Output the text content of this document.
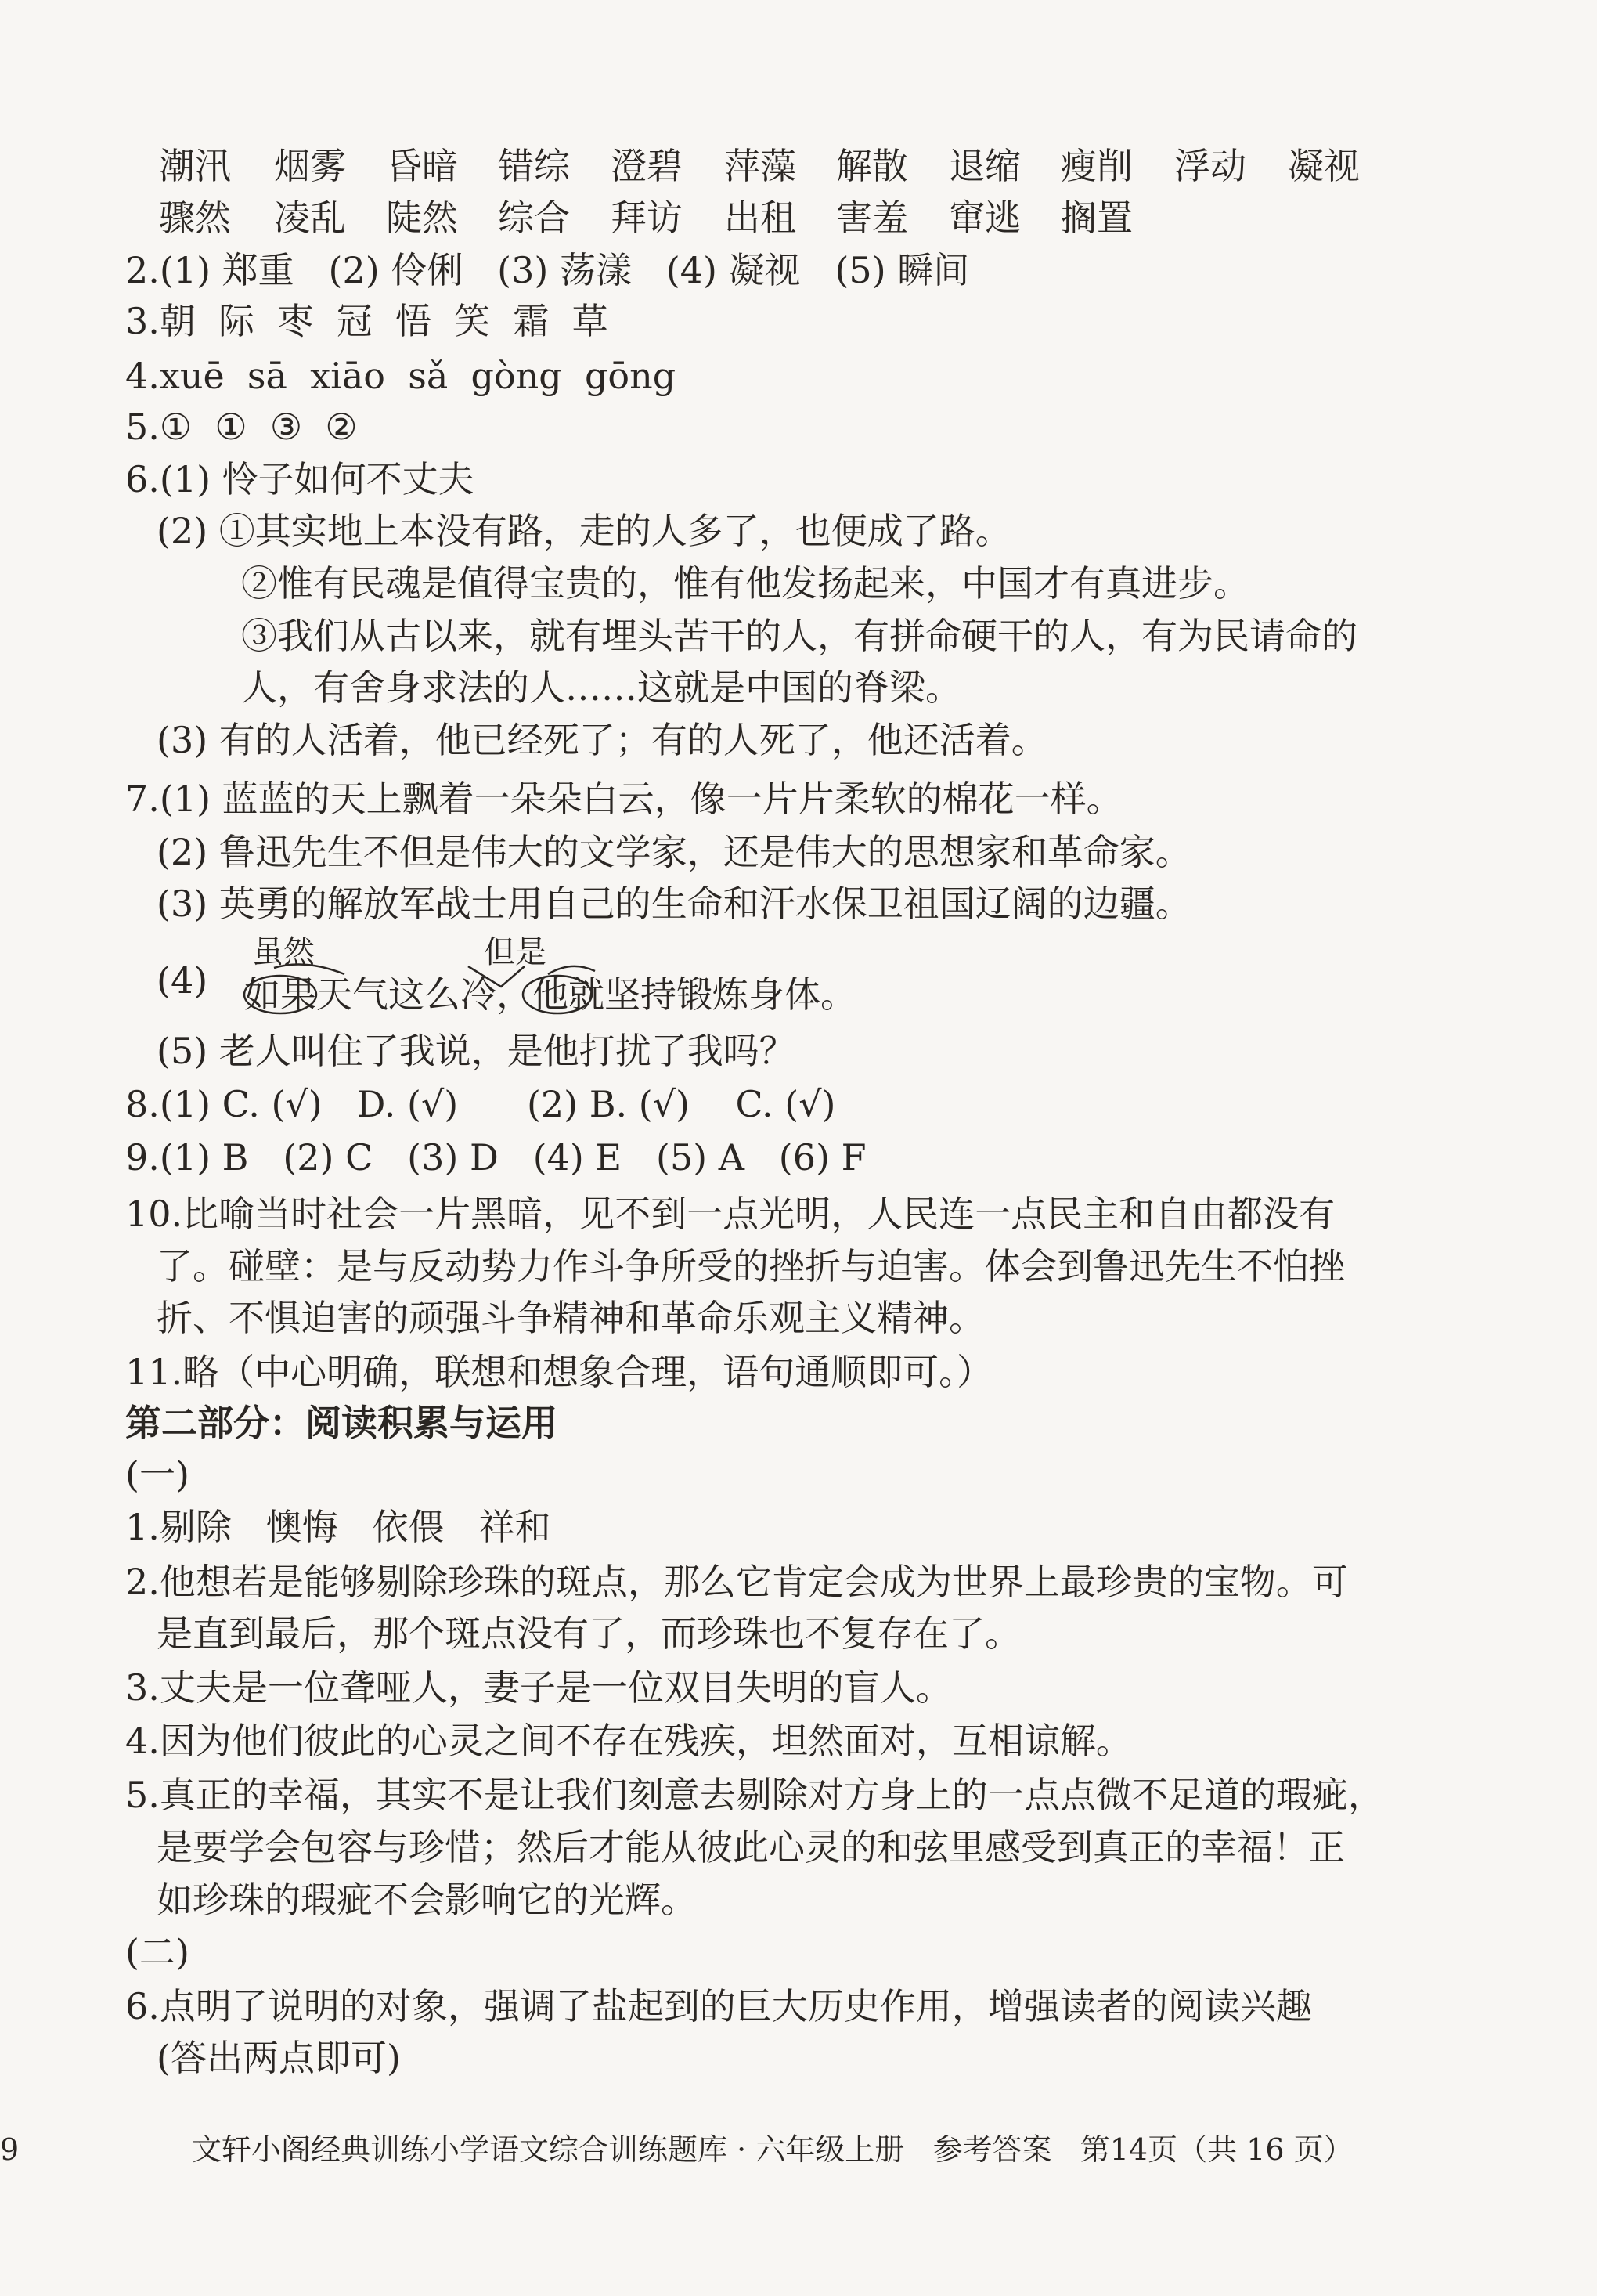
潮汛

烟雾

昏暗

错综

澄碧

萍藻

解散

退缩

瘦削

浮动

凝视

骤然

凌乱

陡然

综合

拜访

出租

害羞

窜逃

搁置

2.(1) 郑重   (2) 伶俐   (3) 荡漾   (4) 凝视   (5) 瞬间
3.朝  际  枣  冠  悟  笑  霜  草
4.xuē  sā  xiāo  sǎ  gòng  gōng
5.①  ①  ③  ②
6.(1) 怜子如何不丈夫
(2) ①其实地上本没有路，走的人多了，也便成了路。
②惟有民魂是值得宝贵的，惟有他发扬起来，中国才有真进步。
③我们从古以来，就有埋头苦干的人，有拼命硬干的人，有为民请命的
人，有舍身求法的人……这就是中国的脊梁。
(3) 有的人活着，他已经死了；有的人死了，他还活着。
7.(1) 蓝蓝的天上飘着一朵朵白云，像一片片柔软的棉花一样。
(2) 鲁迅先生不但是伟大的文学家，还是伟大的思想家和革命家。
(3) 英勇的解放军战士用自己的生命和汗水保卫祖国辽阔的边疆。
(4)
虽然	但是
如果天气这么冷，他就坚持锻炼身体。
(5) 老人叫住了我说，是他打扰了我吗？
8.(1) C. (√)   D. (√)      (2) B. (√)    C. (√)
9.(1) B   (2) C   (3) D   (4) E   (5) A   (6) F
10.比喻当时社会一片黑暗，见不到一点光明，人民连一点民主和自由都没有
了。碰壁：是与反动势力作斗争所受的挫折与迫害。体会到鲁迅先生不怕挫
折、不惧迫害的顽强斗争精神和革命乐观主义精神。
11.略（中心明确，联想和想象合理，语句通顺即可。）
第二部分：阅读积累与运用
(一)
1.剔除   懊悔   依偎   祥和
2.他想若是能够剔除珍珠的斑点，那么它肯定会成为世界上最珍贵的宝物。可
是直到最后，那个斑点没有了，而珍珠也不复存在了。
3.丈夫是一位聋哑人，妻子是一位双目失明的盲人。
4.因为他们彼此的心灵之间不存在残疾，坦然面对，互相谅解。
5.真正的幸福，其实不是让我们刻意去剔除对方身上的一点点微不足道的瑕疵，
是要学会包容与珍惜；然后才能从彼此心灵的和弦里感受到真正的幸福！正
如珍珠的瑕疵不会影响它的光辉。
(二)
6.点明了说明的对象，强调了盐起到的巨大历史作用，增强读者的阅读兴趣
(答出两点即可)
9	文轩小阁经典训练小学语文综合训练题库 · 六年级上册   参考答案   第14页（共 16 页）
